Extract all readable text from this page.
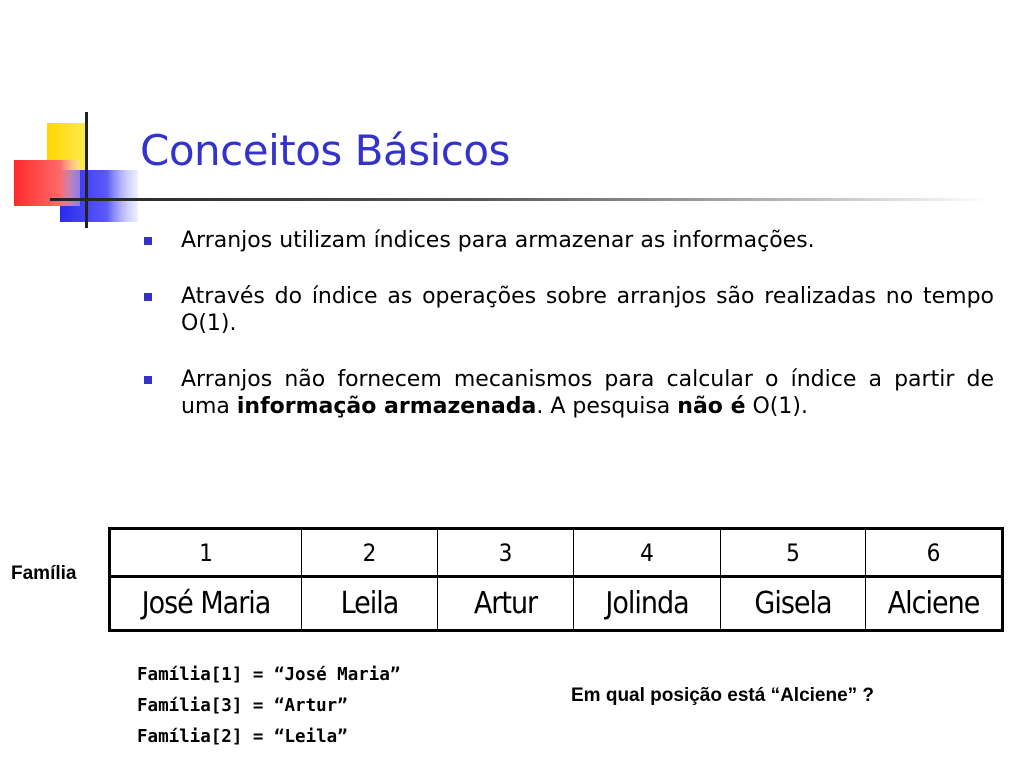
Conceitos Básicos
Arranjos utilizam índices para armazenar as informações.
Através do índice as operações sobre arranjos são realizadas no tempo O(1).
Arranjos não fornecem mecanismos para calcular o índice a partir de uma informação armazenada. A pesquisa não é O(1).
Família
1	2	3	4	5	6
José Maria	Leila	Artur	Jolinda	Gisela	Alciene
Família[1] = “José Maria”
Família[3] = “Artur”
Família[2] = “Leila”
Em qual posição está “Alciene” ?
